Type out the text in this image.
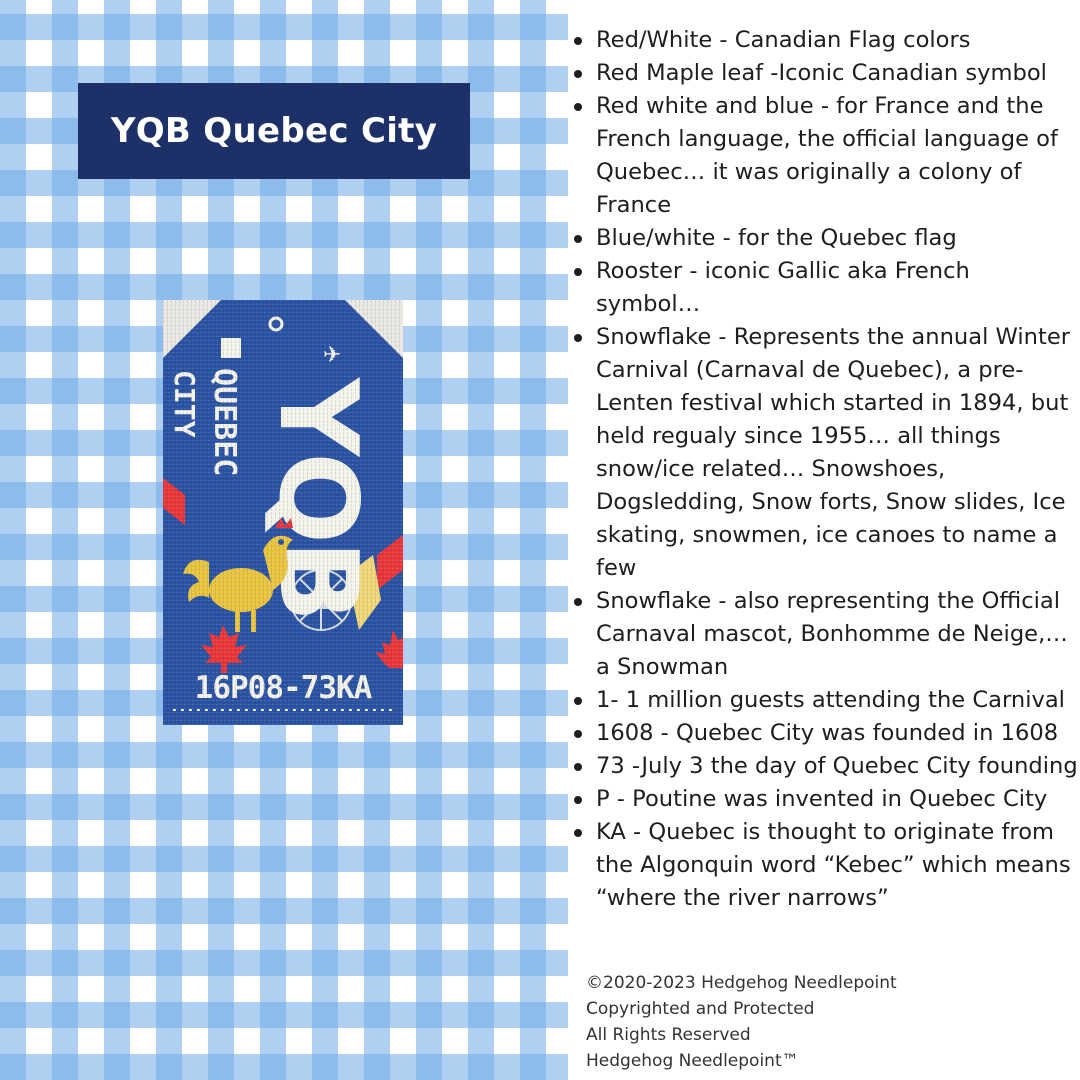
YQB Quebec City
Red/White - Canadian Flag colors
Red Maple leaf -Iconic Canadian symbol
Red white and blue - for France and the French language, the official language of Quebec… it was originally a colony of France
Blue/white - for the Quebec flag
Rooster - iconic Gallic aka French symbol…
Snowflake - Represents the annual Winter Carnival (Carnaval de Quebec), a pre-Lenten festival which started in 1894, but held regualy since 1955… all things snow/ice related… Snowshoes, Dogsledding, Snow forts, Snow slides, Ice skating, snowmen, ice canoes to name a few
Snowflake - also representing the Official Carnaval mascot, Bonhomme de Neige,… a Snowman
1- 1 million guests attending the Carnival
1608 - Quebec City was founded in 1608
73 -July 3 the day of Quebec City founding
P - Poutine was invented in Quebec City
KA - Quebec is thought to originate from the Algonquin word “Kebec” which means “where the river narrows”
©2020-2023 Hedgehog Needlepoint
Copyrighted and Protected
All Rights Reserved
Hedgehog Needlepoint™
